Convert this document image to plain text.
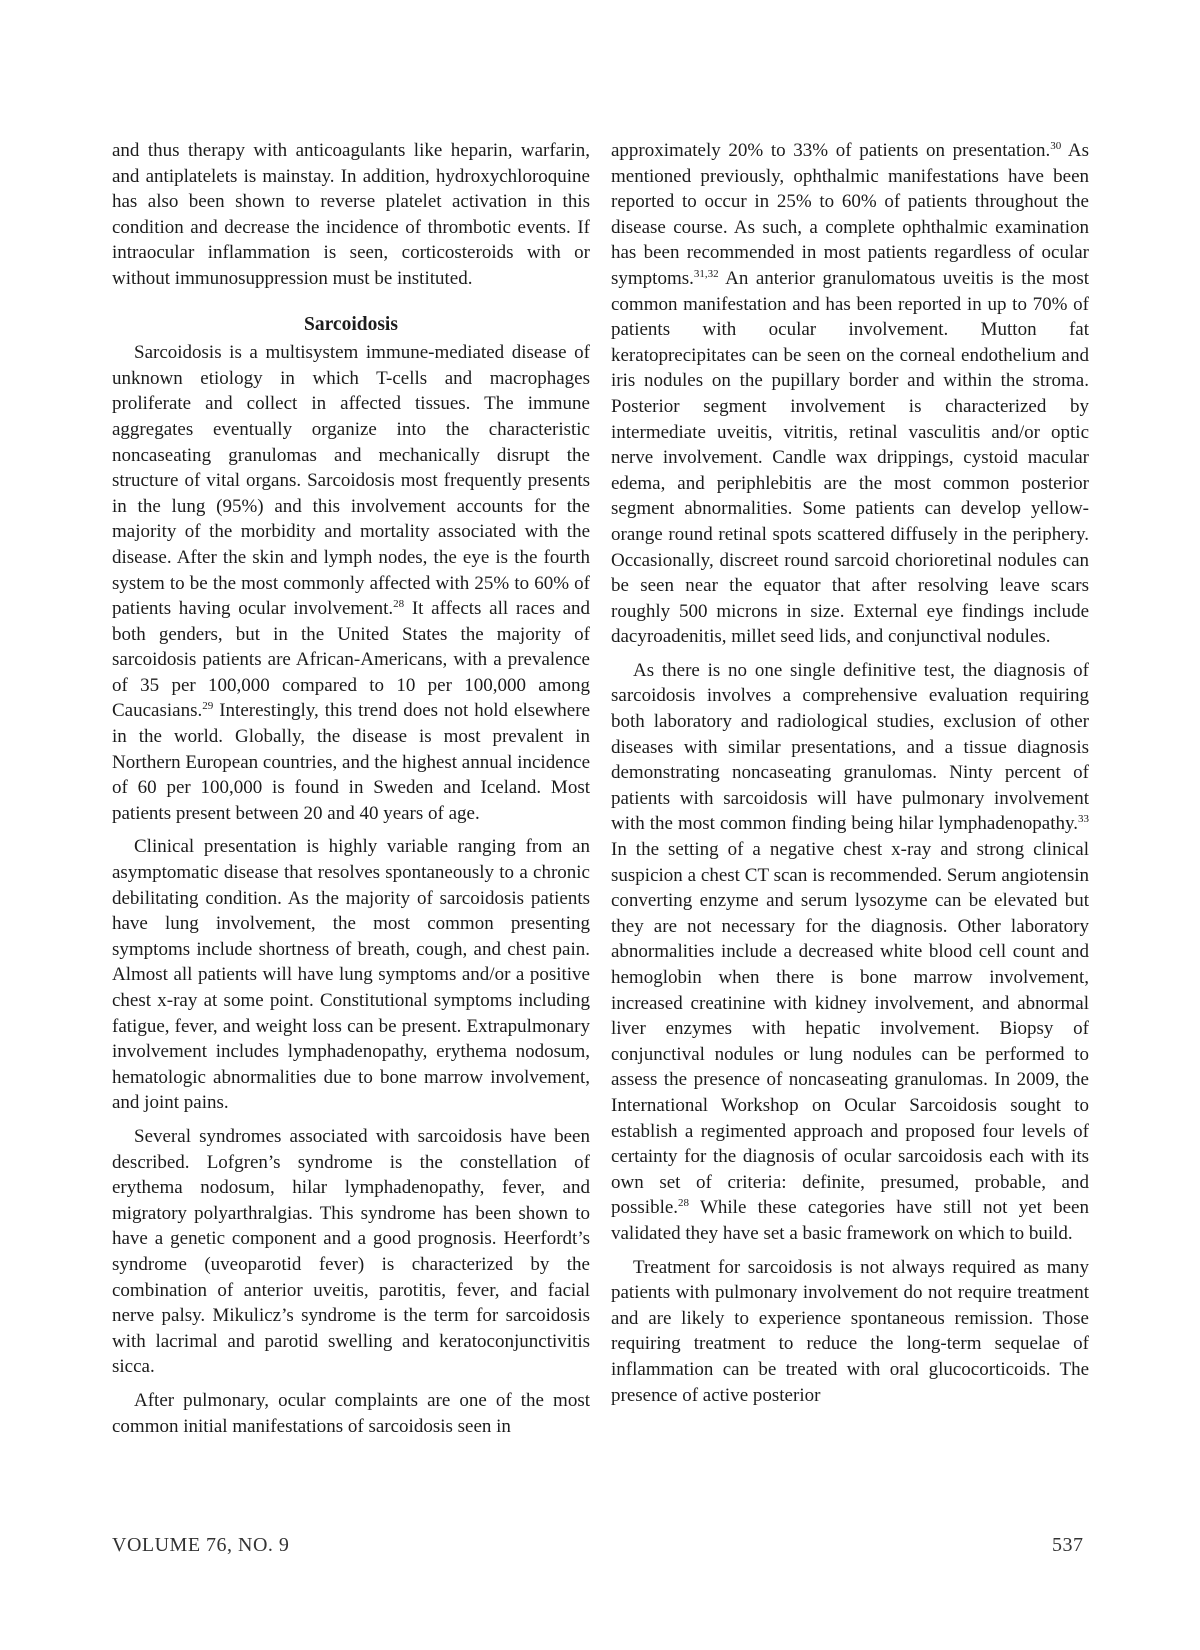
and thus therapy with anticoagulants like heparin, warfarin, and antiplatelets is mainstay. In addition, hydroxychloroquine has also been shown to reverse platelet activation in this condition and decrease the incidence of thrombotic events. If intraocular inflammation is seen, corticosteroids with or without immunosuppression must be instituted.

Sarcoidosis

Sarcoidosis is a multisystem immune-mediated disease of unknown etiology in which T-cells and macrophages proliferate and collect in affected tissues. The immune aggregates eventually organize into the characteristic noncaseating granulomas and mechanically disrupt the structure of vital organs. Sarcoidosis most frequently presents in the lung (95%) and this involvement accounts for the majority of the morbidity and mortality associated with the disease. After the skin and lymph nodes, the eye is the fourth system to be the most commonly affected with 25% to 60% of patients having ocular involvement.$^{28}$ It affects all races and both genders, but in the United States the majority of sarcoidosis patients are African-Americans, with a prevalence of 35 per 100,000 compared to 10 per 100,000 among Caucasians.$^{29}$ Interestingly, this trend does not hold elsewhere in the world. Globally, the disease is most prevalent in Northern European countries, and the highest annual incidence of 60 per 100,000 is found in Sweden and Iceland. Most patients present between 20 and 40 years of age.

Clinical presentation is highly variable ranging from an asymptomatic disease that resolves spontaneously to a chronic debilitating condition. As the majority of sarcoidosis patients have lung involvement, the most common presenting symptoms include shortness of breath, cough, and chest pain. Almost all patients will have lung symptoms and/or a positive chest x-ray at some point. Constitutional symptoms including fatigue, fever, and weight loss can be present. Extrapulmonary involvement includes lymphadenopathy, erythema nodosum, hematologic abnormalities due to bone marrow involvement, and joint pains.

Several syndromes associated with sarcoidosis have been described. Lofgren’s syndrome is the constellation of erythema nodosum, hilar lymphadenopathy, fever, and migratory polyarthralgias. This syndrome has been shown to have a genetic component and a good prognosis. Heerfordt’s syndrome (uveoparotid fever) is characterized by the combination of anterior uveitis, parotitis, fever, and facial nerve palsy. Mikulicz’s syndrome is the term for sarcoidosis with lacrimal and parotid swelling and keratoconjunctivitis sicca.

After pulmonary, ocular complaints are one of the most common initial manifestations of sarcoidosis seen in

approximately 20% to 33% of patients on presentation.$^{30}$ As mentioned previously, ophthalmic manifestations have been reported to occur in 25% to 60% of patients throughout the disease course. As such, a complete ophthalmic examination has been recommended in most patients regardless of ocular symptoms.$^{31,32}$ An anterior granulomatous uveitis is the most common manifestation and has been reported in up to 70% of patients with ocular involvement. Mutton fat keratoprecipitates can be seen on the corneal endothelium and iris nodules on the pupillary border and within the stroma. Posterior segment involvement is characterized by intermediate uveitis, vitritis, retinal vasculitis and/or optic nerve involvement. Candle wax drippings, cystoid macular edema, and periphlebitis are the most common posterior segment abnormalities. Some patients can develop yellow-orange round retinal spots scattered diffusely in the periphery. Occasionally, discreet round sarcoid chorioretinal nodules can be seen near the equator that after resolving leave scars roughly 500 microns in size. External eye findings include dacyroadenitis, millet seed lids, and conjunctival nodules.

As there is no one single definitive test, the diagnosis of sarcoidosis involves a comprehensive evaluation requiring both laboratory and radiological studies, exclusion of other diseases with similar presentations, and a tissue diagnosis demonstrating noncaseating granulomas. Ninty percent of patients with sarcoidosis will have pulmonary involvement with the most common finding being hilar lymphadenopathy.$^{33}$ In the setting of a negative chest x-ray and strong clinical suspicion a chest CT scan is recommended. Serum angiotensin converting enzyme and serum lysozyme can be elevated but they are not necessary for the diagnosis. Other laboratory abnormalities include a decreased white blood cell count and hemoglobin when there is bone marrow involvement, increased creatinine with kidney involvement, and abnormal liver enzymes with hepatic involvement. Biopsy of conjunctival nodules or lung nodules can be performed to assess the presence of noncaseating granulomas. In 2009, the International Workshop on Ocular Sarcoidosis sought to establish a regimented approach and proposed four levels of certainty for the diagnosis of ocular sarcoidosis each with its own set of criteria: definite, presumed, probable, and possible.$^{28}$ While these categories have still not yet been validated they have set a basic framework on which to build.

Treatment for sarcoidosis is not always required as many patients with pulmonary involvement do not require treatment and are likely to experience spontaneous remission. Those requiring treatment to reduce the long-term sequelae of inflammation can be treated with oral glucocorticoids. The presence of active posterior

VOLUME 76, NO. 9	537
